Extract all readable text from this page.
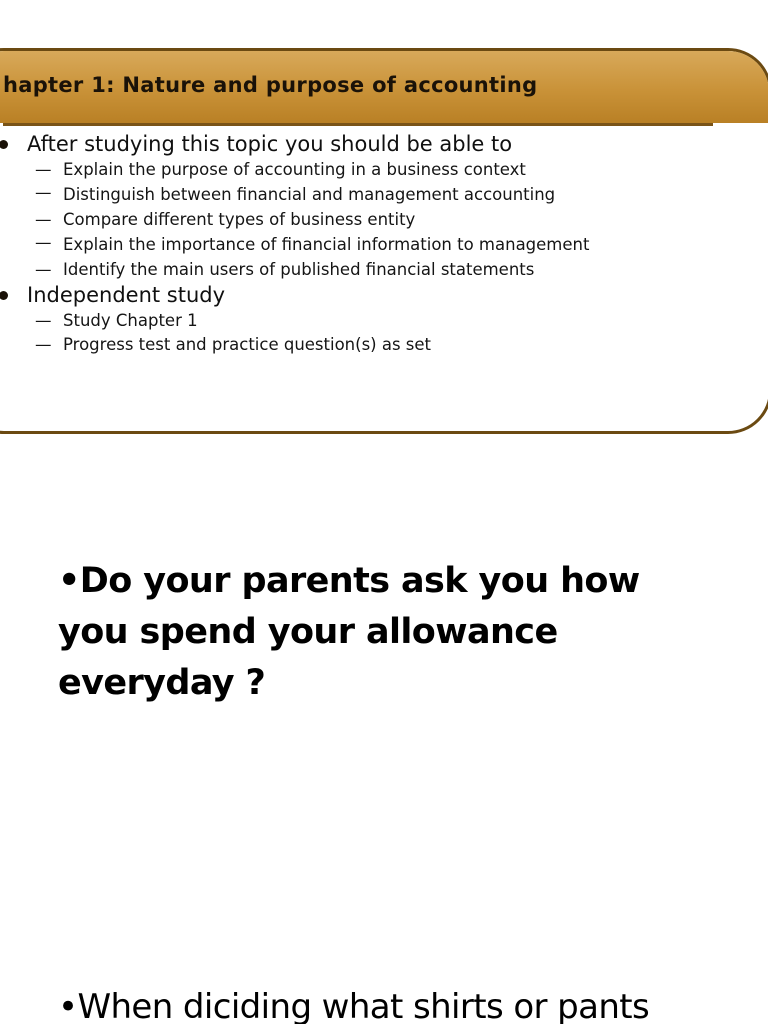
hapter 1: Nature and purpose of accounting
After studying this topic you should be able to
— Explain the purpose of accounting in a business context
— Distinguish between financial and management accounting
— Compare different types of business entity
— Explain the importance of financial information to management
— Identify the main users of published financial statements
Independent study
— Study Chapter 1
— Progress test and practice question(s) as set
•Do your parents ask you how you spend your allowance everyday ?
•When diciding what shirts or pants
